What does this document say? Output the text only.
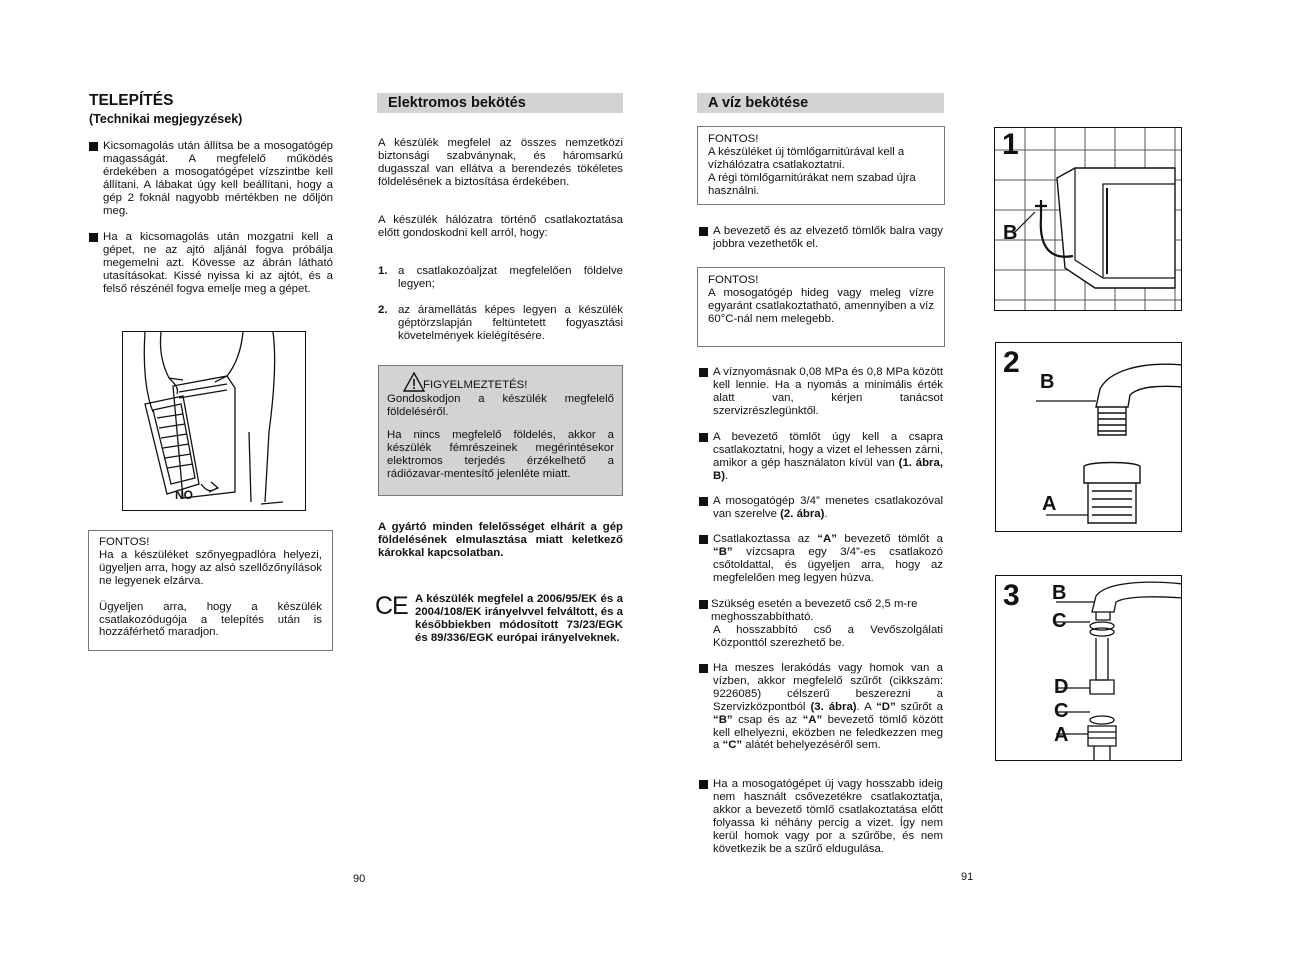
TELEPÍTÉS
(Technikai megjegyzések)
Kicsomagolás után állítsa be a mosogatógép magasságát. A megfelelő működés érdekében a mosogatógépet vízszintbe kell állítani. A lábakat úgy kell beállítani, hogy a gép 2 foknál nagyobb mértékben ne dőljön meg.
Ha a kicsomagolás után mozgatni kell a gépet, ne az ajtó aljánál fogva próbálja megemelni azt. Kövesse az ábrán látható utasításokat. Kissé nyissa ki az ajtót, és a felső részénél fogva emelje meg a gépet.
NO
FONTOS!
Ha a készüléket szőnyegpadlóra helyezi, ügyeljen arra, hogy az alsó szellőzőnyílások ne legyenek elzárva.
Ügyeljen arra, hogy a készülék csatlakozódugója a telepítés után is hozzáférhető maradjon.
90
Elektromos bekötés
A készülék megfelel az összes nemzetközi biztonsági szabványnak, és háromsarkú dugasszal van ellátva a berendezés tökéletes földelésének a biztosítása érdekében.
A készülék hálózatra történő csatlakoztatása előtt gondoskodni kell arról, hogy:
1. a csatlakozóaljzat megfelelően földelve legyen;
2. az áramellátás képes legyen a készülék géptörzslapján feltüntetett fogyasztási követelmények kielégítésére.
FIGYELMEZTETÉS!
Gondoskodjon a készülék megfelelő földeléséről.
Ha nincs megfelelő földelés, akkor a készülék fémrészeinek megérintésekor elektromos terjedés érzékelhető a rádiózavar-mentesítő jelenléte miatt.
A gyártó minden felelősséget elhárít a gép földelésének elmulasztása miatt keletkező károkkal kapcsolatban.
CE A készülék megfelel a 2006/95/EK és a 2004/108/EK irányelvvel felváltott, és a későbbiekben módosított 73/23/EGK és 89/336/EGK európai irányelveknek.
A víz bekötése
FONTOS!
A készüléket új tömlőgarnitúrával kell a vízhálózatra csatlakoztatni.
A régi tömlőgarnitúrákat nem szabad újra használni.
A bevezető és az elvezető tömlők balra vagy jobbra vezethetők el.
FONTOS!
A mosogatógép hideg vagy meleg vízre egyaránt csatlakoztatható, amennyiben a víz 60°C-nál nem melegebb.
A víznyomásnak 0,08 MPa és 0,8 MPa között kell lennie. Ha a nyomás a minimális érték alatt van, kérjen tanácsot szervizrészlegünktől.
A bevezető tömlőt úgy kell a csapra csatlakoztatni, hogy a vizet el lehessen zárni, amikor a gép használaton kívül van (1. ábra, B).
A mosogatógép 3/4” menetes csatlakozóval van szerelve (2. ábra).
Csatlakoztassa az “A” bevezető tömlőt a “B” vízcsapra egy 3/4”-es csatlakozó csőtoldattal, és ügyeljen arra, hogy az megfelelően meg legyen húzva.
Szükség esetén a bevezető cső 2,5 m-re meghosszabbítható.
A hosszabbító cső a Vevőszolgálati Központtól szerezhető be.
Ha meszes lerakódás vagy homok van a vízben, akkor megfelelő szűrőt (cikkszám: 9226085) célszerű beszerezni a Szervizközpontból (3. ábra). A “D” szűrőt a “B” csap és az “A” bevezető tömlő között kell elhelyezni, eközben ne feledkezzen meg a “C” alátét behelyezéséről sem.
Ha a mosogatógépet új vagy hosszabb ideig nem használt csővezetékre csatlakoztatja, akkor a bevezető tömlő csatlakoztatása előtt folyassa ki néhány percig a vizet. Így nem kerül homok vagy por a szűrőbe, és nem következik be a szűrő eldugulása.
91
1
B
2
B
A
3 B
C
D
C
A
